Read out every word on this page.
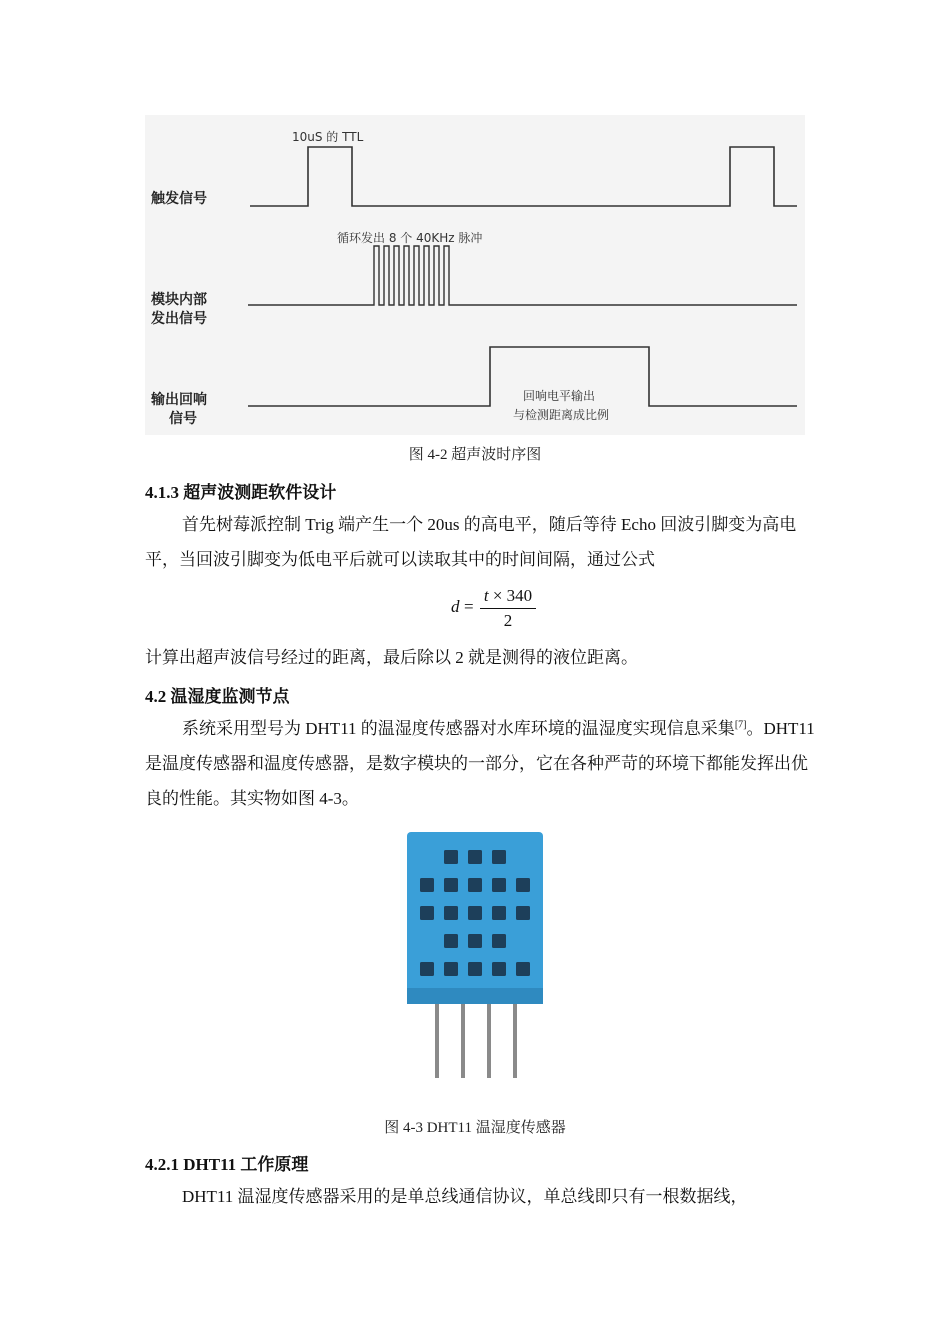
10uS 的 TTL
循环发出 8 个 40KHz 脉冲
回响电平输出
与检测距离成比例
触发信号
模块内部
发出信号
输出回响
信号
图 4-2 超声波时序图
4.1.3 超声波测距软件设计
首先树莓派控制 Trig 端产生一个 20us 的高电平，随后等待 Echo 回波引脚变为高电平，当回波引脚变为低电平后就可以读取其中的时间间隔，通过公式
d =
t × 340
2
计算出超声波信号经过的距离，最后除以 2 就是测得的液位距离。
4.2 温湿度监测节点
系统采用型号为 DHT11 的温湿度传感器对水库环境的温湿度实现信息采集[7]。DHT11 是温度传感器和温度传感器，是数字模块的一部分，它在各种严苛的环境下都能发挥出优良的性能。其实物如图 4-3。
图 4-3 DHT11 温湿度传感器
4.2.1 DHT11 工作原理
DHT11 温湿度传感器采用的是单总线通信协议，单总线即只有一根数据线，
